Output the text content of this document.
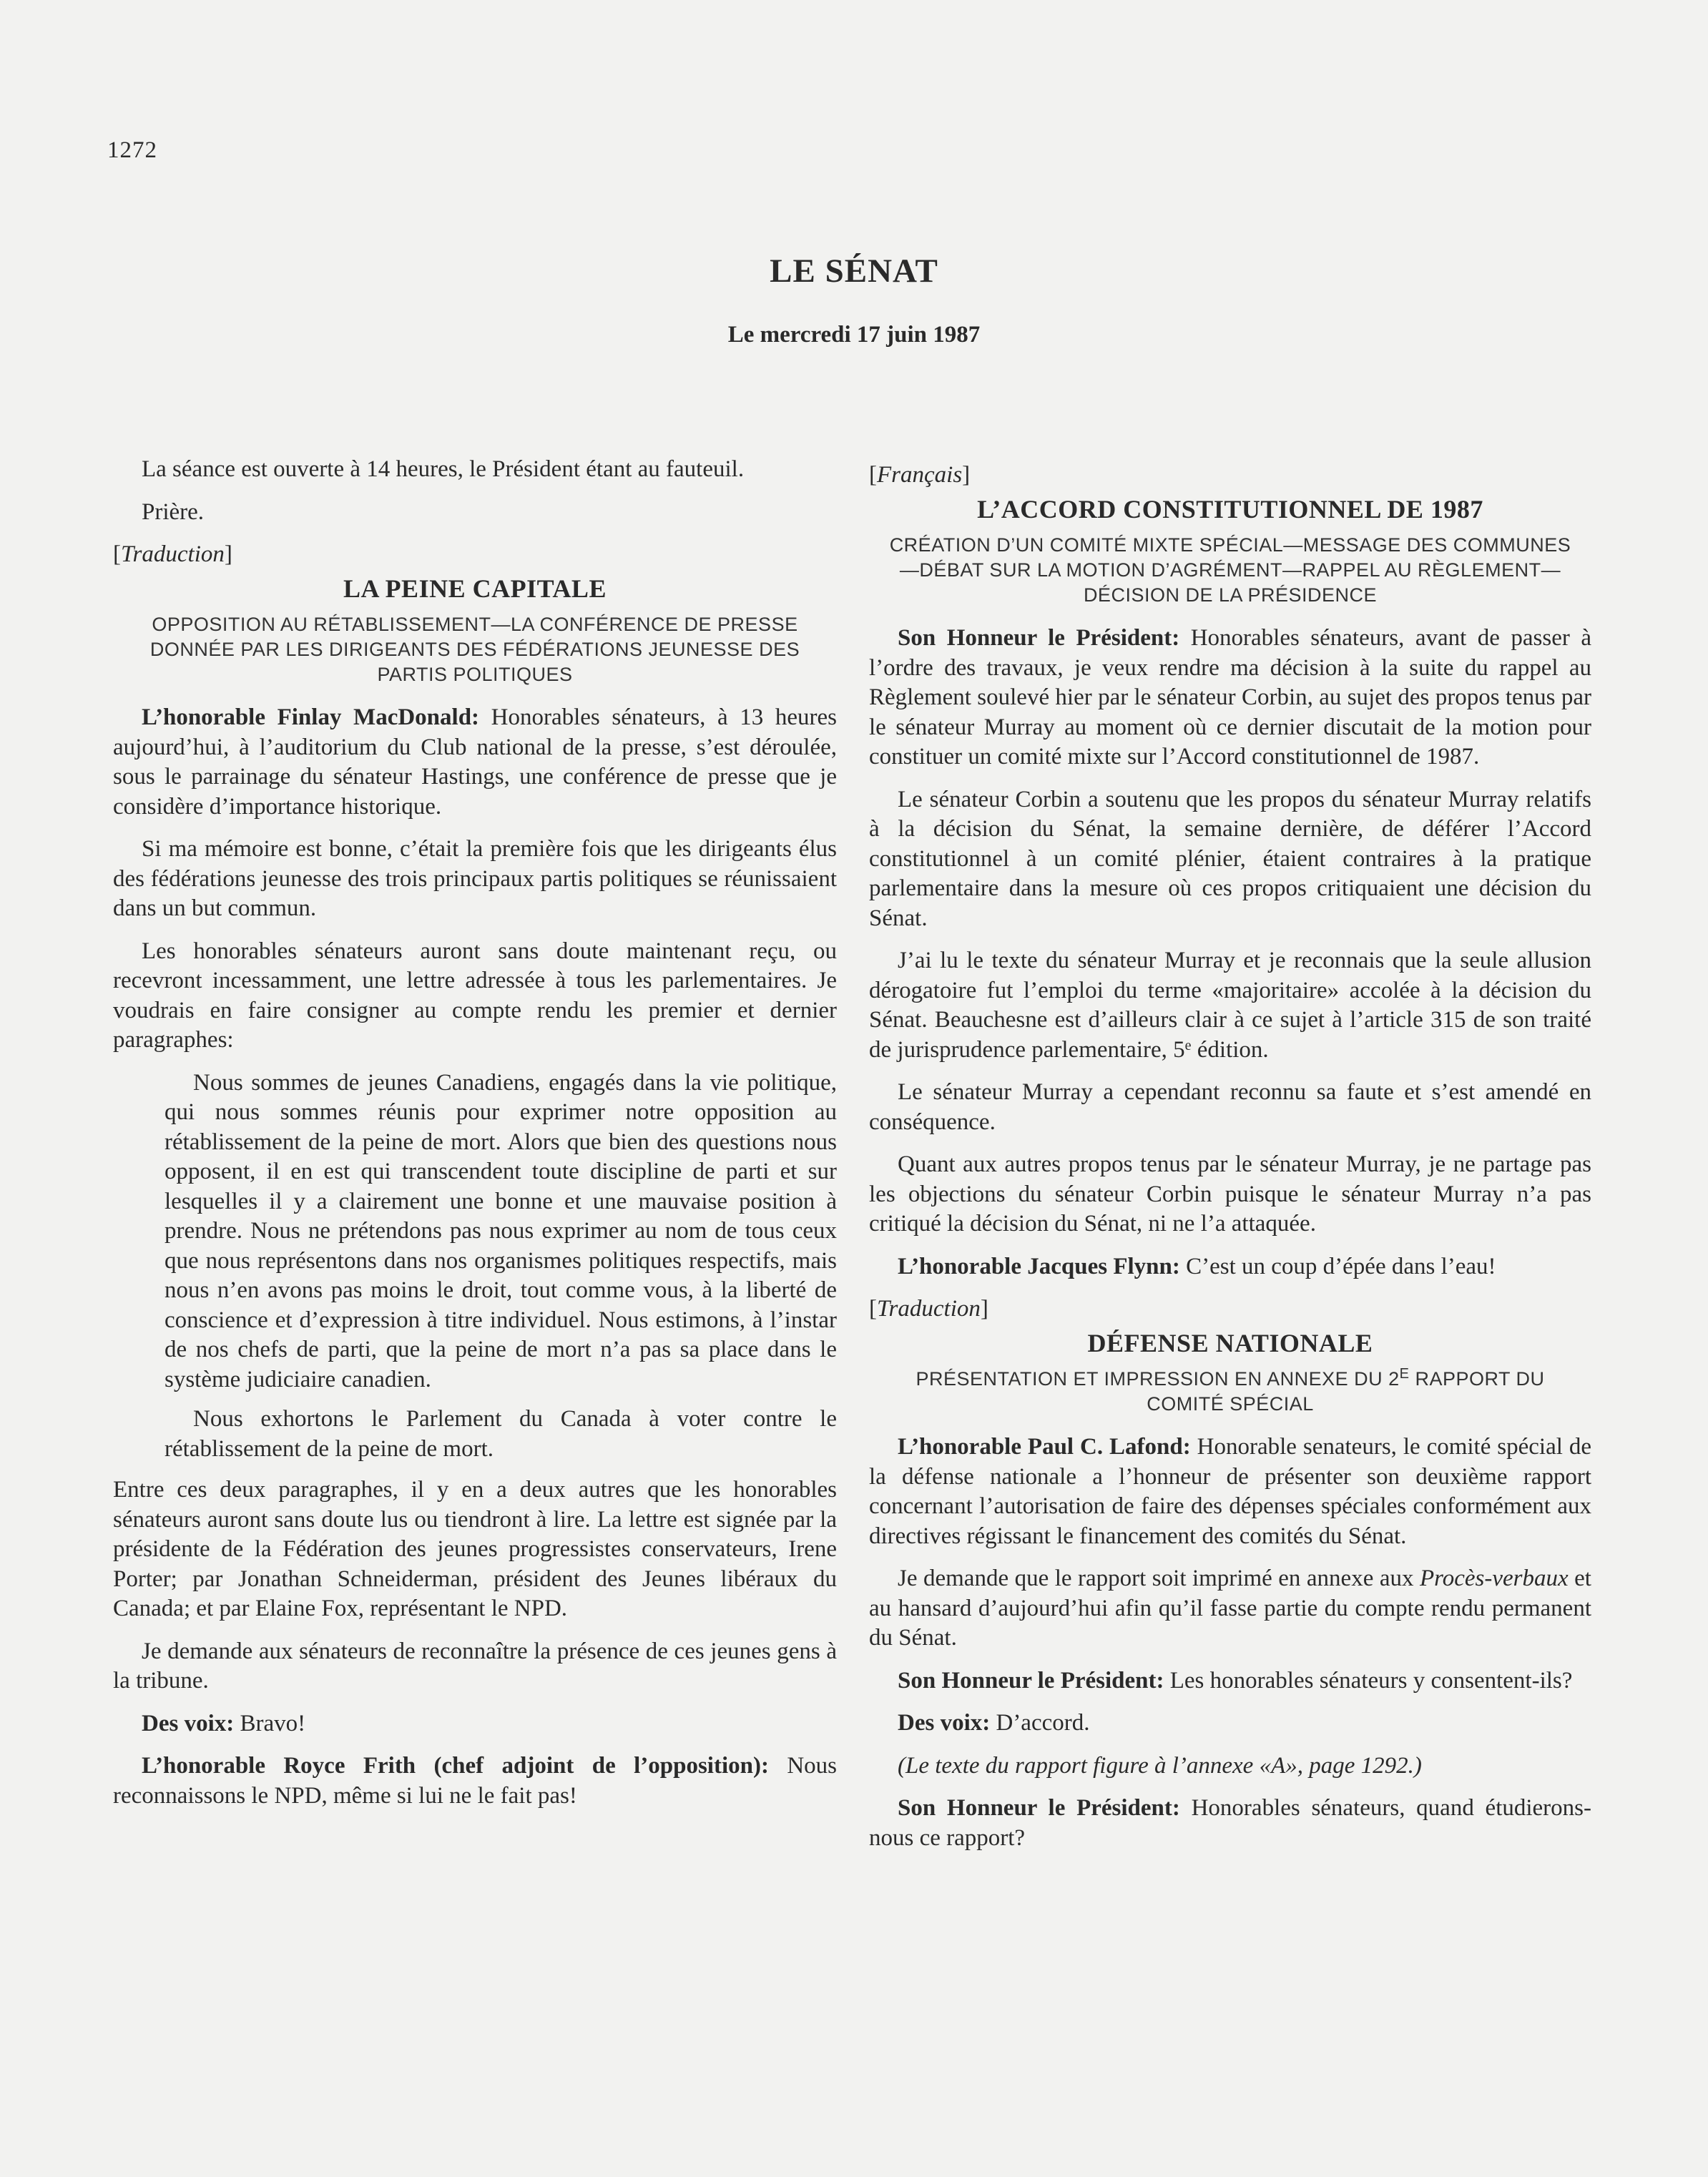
1272
LE SÉNAT
Le mercredi 17 juin 1987

La séance est ouverte à 14 heures, le Président étant au fauteuil.

Prière.

[Traduction]
LA PEINE CAPITALE
OPPOSITION AU RÉTABLISSEMENT—LA CONFÉRENCE DE PRESSE DONNÉE PAR LES DIRIGEANTS DES FÉDÉRATIONS JEUNESSE DES PARTIS POLITIQUES

L’honorable Finlay MacDonald: Honorables sénateurs, à 13 heures aujourd’hui, à l’auditorium du Club national de la presse, s’est déroulée, sous le parrainage du sénateur Hastings, une conférence de presse que je considère d’importance historique.

Si ma mémoire est bonne, c’était la première fois que les dirigeants élus des fédérations jeunesse des trois principaux partis politiques se réunissaient dans un but commun.

Les honorables sénateurs auront sans doute maintenant reçu, ou recevront incessamment, une lettre adressée à tous les parlementaires. Je voudrais en faire consigner au compte rendu les premier et dernier paragraphes:

Nous sommes de jeunes Canadiens, engagés dans la vie politique, qui nous sommes réunis pour exprimer notre opposition au rétablissement de la peine de mort. Alors que bien des questions nous opposent, il en est qui transcendent toute discipline de parti et sur lesquelles il y a clairement une bonne et une mauvaise position à prendre. Nous ne prétendons pas nous exprimer au nom de tous ceux que nous représentons dans nos organismes politiques respectifs, mais nous n’en avons pas moins le droit, tout comme vous, à la liberté de conscience et d’expression à titre individuel. Nous estimons, à l’instar de nos chefs de parti, que la peine de mort n’a pas sa place dans le système judiciaire canadien.

Nous exhortons le Parlement du Canada à voter contre le rétablissement de la peine de mort.

Entre ces deux paragraphes, il y en a deux autres que les honorables sénateurs auront sans doute lus ou tiendront à lire. La lettre est signée par la présidente de la Fédération des jeunes progressistes conservateurs, Irene Porter; par Jonathan Schneiderman, président des Jeunes libéraux du Canada; et par Elaine Fox, représentant le NPD.

Je demande aux sénateurs de reconnaître la présence de ces jeunes gens à la tribune.

Des voix: Bravo!

L’honorable Royce Frith (chef adjoint de l’opposition): Nous reconnaissons le NPD, même si lui ne le fait pas!

[Français]
L’ACCORD CONSTITUTIONNEL DE 1987
CRÉATION D’UN COMITÉ MIXTE SPÉCIAL—MESSAGE DES COMMUNES—DÉBAT SUR LA MOTION D’AGRÉMENT—RAPPEL AU RÈGLEMENT—DÉCISION DE LA PRÉSIDENCE

Son Honneur le Président: Honorables sénateurs, avant de passer à l’ordre des travaux, je veux rendre ma décision à la suite du rappel au Règlement soulevé hier par le sénateur Corbin, au sujet des propos tenus par le sénateur Murray au moment où ce dernier discutait de la motion pour constituer un comité mixte sur l’Accord constitutionnel de 1987.

Le sénateur Corbin a soutenu que les propos du sénateur Murray relatifs à la décision du Sénat, la semaine dernière, de déférer l’Accord constitutionnel à un comité plénier, étaient contraires à la pratique parlementaire dans la mesure où ces propos critiquaient une décision du Sénat.

J’ai lu le texte du sénateur Murray et je reconnais que la seule allusion dérogatoire fut l’emploi du terme «majoritaire» accolée à la décision du Sénat. Beauchesne est d’ailleurs clair à ce sujet à l’article 315 de son traité de jurisprudence parlementaire, 5e édition.

Le sénateur Murray a cependant reconnu sa faute et s’est amendé en conséquence.

Quant aux autres propos tenus par le sénateur Murray, je ne partage pas les objections du sénateur Corbin puisque le sénateur Murray n’a pas critiqué la décision du Sénat, ni ne l’a attaquée.

L’honorable Jacques Flynn: C’est un coup d’épée dans l’eau!

[Traduction]
DÉFENSE NATIONALE
PRÉSENTATION ET IMPRESSION EN ANNEXE DU $2^E$ RAPPORT DU COMITÉ SPÉCIAL

L’honorable Paul C. Lafond: Honorable senateurs, le comité spécial de la défense nationale a l’honneur de présenter son deuxième rapport concernant l’autorisation de faire des dépenses spéciales conformément aux directives régissant le financement des comités du Sénat.

Je demande que le rapport soit imprimé en annexe aux Procès-verbaux et au hansard d’aujourd’hui afin qu’il fasse partie du compte rendu permanent du Sénat.

Son Honneur le Président: Les honorables sénateurs y consentent-ils?

Des voix: D’accord.

(Le texte du rapport figure à l’annexe «A», page 1292.)

Son Honneur le Président: Honorables sénateurs, quand étudierons-nous ce rapport?
